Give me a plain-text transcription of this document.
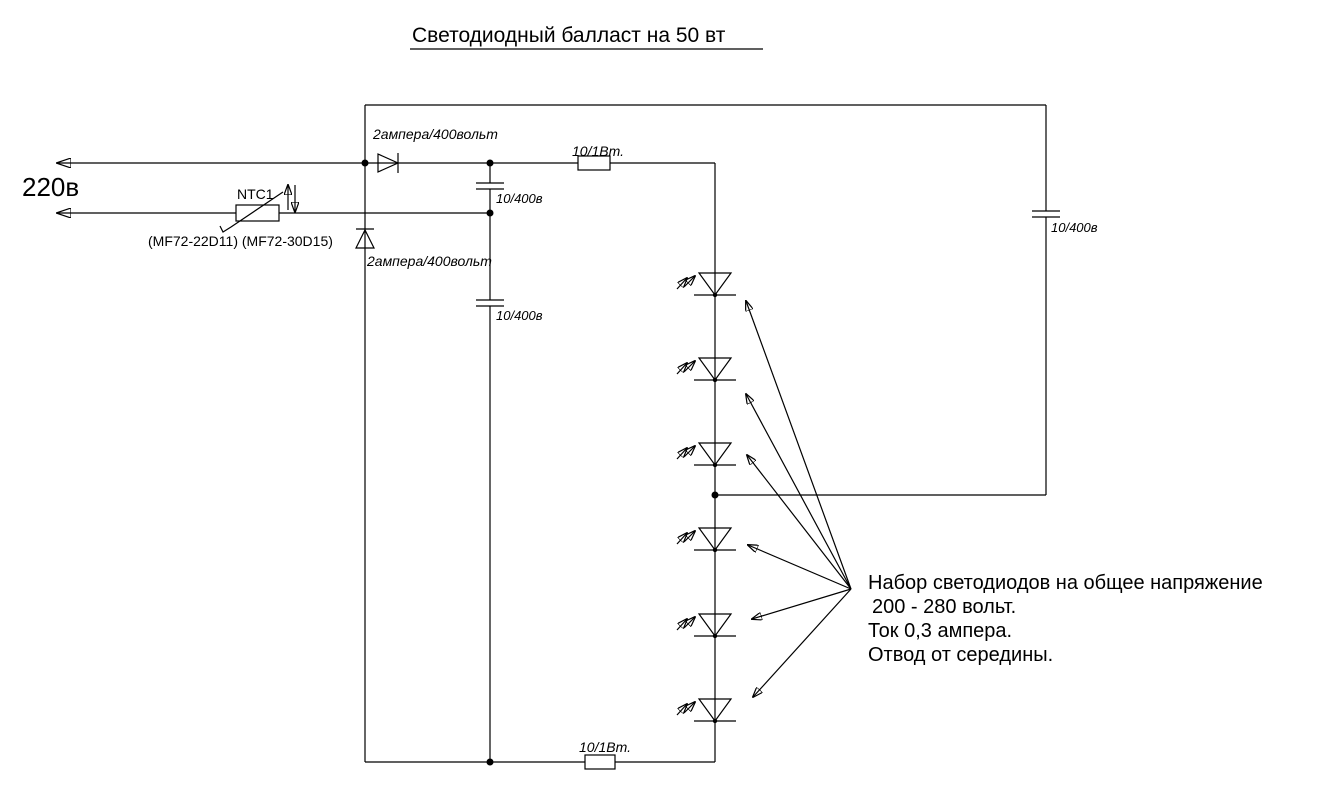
Светодиодный балласт на 50 вт
2ампера/400вольт
2ампера/400вольт
NTC1
(MF72-22D11) (MF72-30D15)
10/400в
10/400в
10/400в
10/1Вт.
10/1Вт.
220в
Набор светодиодов на общее напряжение
200 - 280 вольт.
Ток 0,3 ампера.
Отвод от середины.
